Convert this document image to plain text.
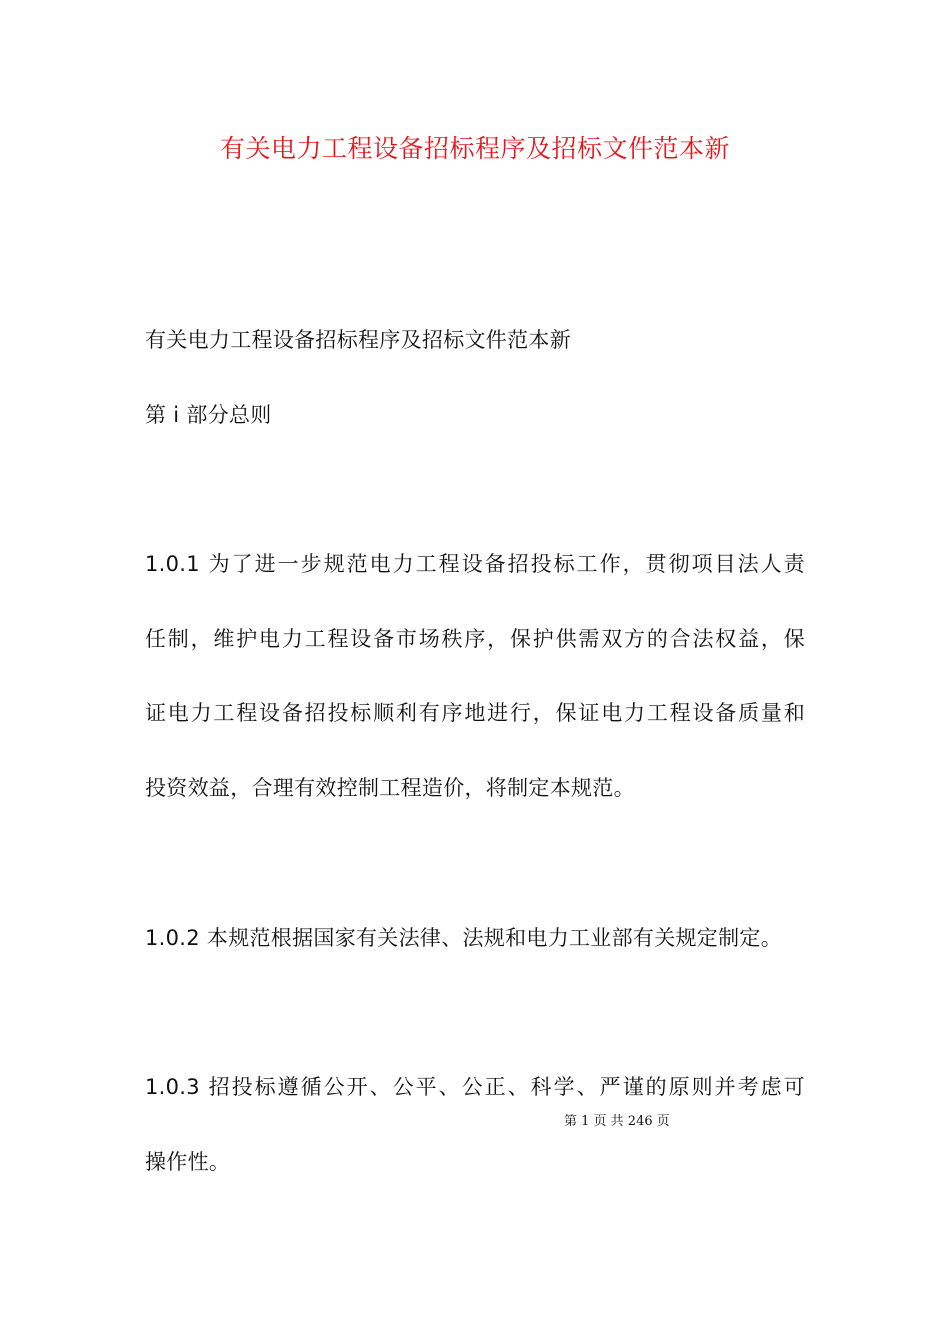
有关电力工程设备招标程序及招标文件范本新
有关电力工程设备招标程序及招标文件范本新
第 i 部分总则
1.0.1 为了进一步规范电力工程设备招投标工作，贯彻项目法人责
任制，维护电力工程设备市场秩序，保护供需双方的合法权益，保
证电力工程设备招投标顺利有序地进行，保证电力工程设备质量和
投资效益，合理有效控制工程造价，将制定本规范。
1.0.2 本规范根据国家有关法律、法规和电力工业部有关规定制定。
1.0.3 招投标遵循公开、公平、公正、科学、严谨的原则并考虑可
操作性。
第 1 页 共 246 页
